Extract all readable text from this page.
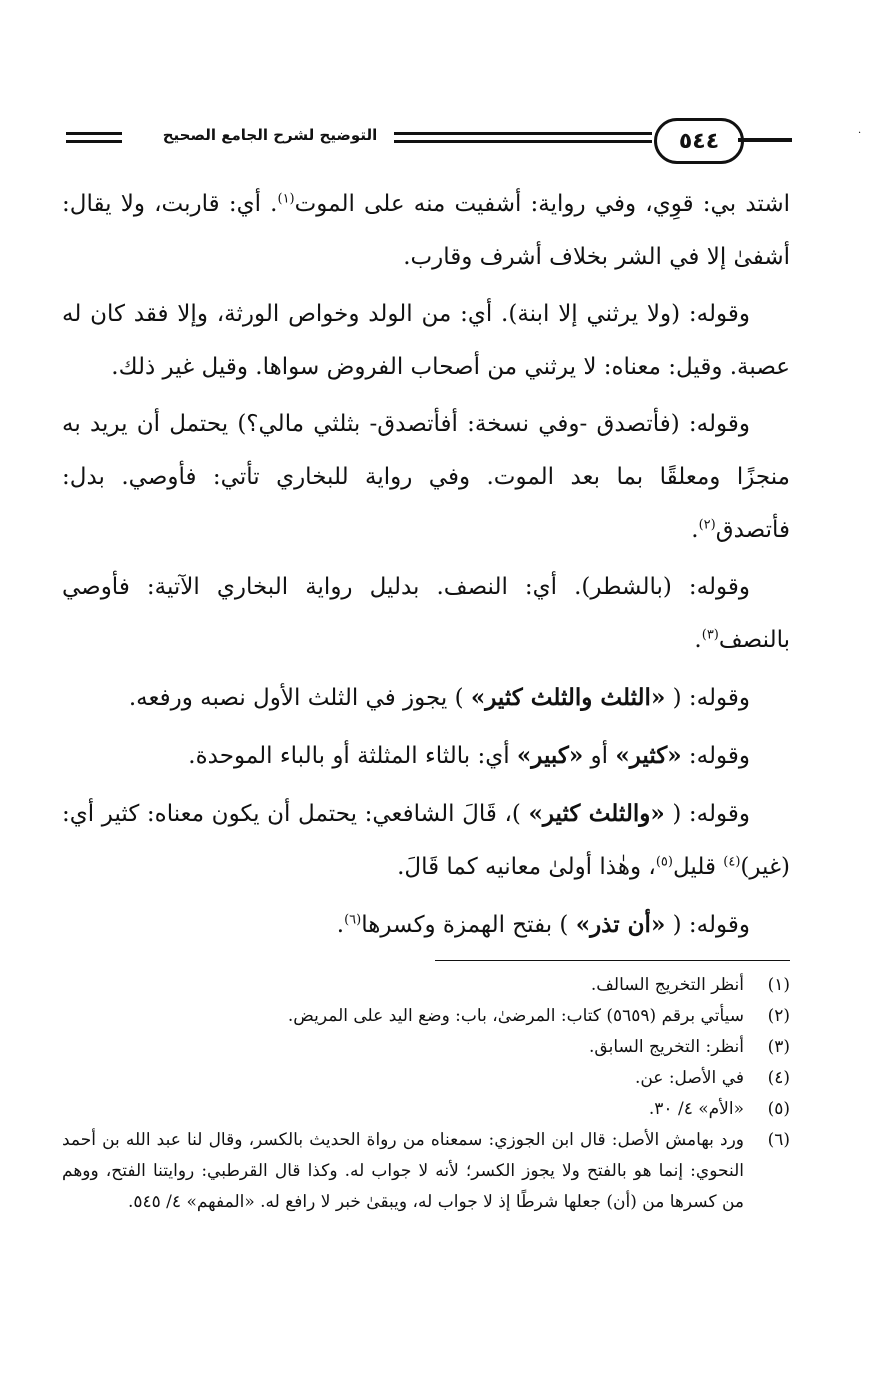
التوضيح لشرح الجامع الصحيح	٥٤٤	·

اشتد بي: قوِي، وفي رواية: أشفيت منه على الموت$^{(١)}$. أي: قاربت، ولا يقال: أشفىٰ إلا في الشر بخلاف أشرف وقارب.

وقوله: (ولا يرثني إلا ابنة). أي: من الولد وخواص الورثة، وإلا فقد كان له عصبة. وقيل: معناه: لا يرثني من أصحاب الفروض سواها. وقيل غير ذلك.

وقوله: (فأتصدق -وفي نسخة: أفأتصدق- بثلثي مالي؟) يحتمل أن يريد به منجزًا ومعلقًا بما بعد الموت. وفي رواية للبخاري تأتي: فأوصي. بدل: فأتصدق$^{(٢)}$.

وقوله: (بالشطر). أي: النصف. بدليل رواية البخاري الآتية: فأوصي بالنصف$^{(٣)}$.

وقوله: ( «الثلث والثلث كثير» ) يجوز في الثلث الأول نصبه ورفعه.

وقوله: «كثير» أو «كبير» أي: بالثاء المثلثة أو بالباء الموحدة.

وقوله: ( «والثلث كثير» )، قَالَ الشافعي: يحتمل أن يكون معناه: كثير أي: (غير)$^{(٤)}$ قليل$^{(٥)}$، وهٰذا أولىٰ معانيه كما قَالَ.

وقوله: ( «أن تذر» ) بفتح الهمزة وكسرها$^{(٦)}$.

(١)
أنظر التخريج السالف.
(٢)
سيأتي برقم (٥٦٥٩) كتاب: المرضىٰ، باب: وضع اليد على المريض.
(٣)
أنظر: التخريج السابق.
(٤)
في الأصل: عن.
(٥)
«الأم» ٤/ ٣٠.
(٦)
ورد بهامش الأصل: قال ابن الجوزي: سمعناه من رواة الحديث بالكسر، وقال لنا عبد الله بن أحمد النحوي: إنما هو بالفتح ولا يجوز الكسر؛ لأنه لا جواب له. وكذا قال القرطبي: روايتنا الفتح، ووهم من كسرها من (أن) جعلها شرطًا إذ لا جواب له، ويبقىٰ خبر لا رافع له. «المفهم» ٤/ ٥٤٥.
